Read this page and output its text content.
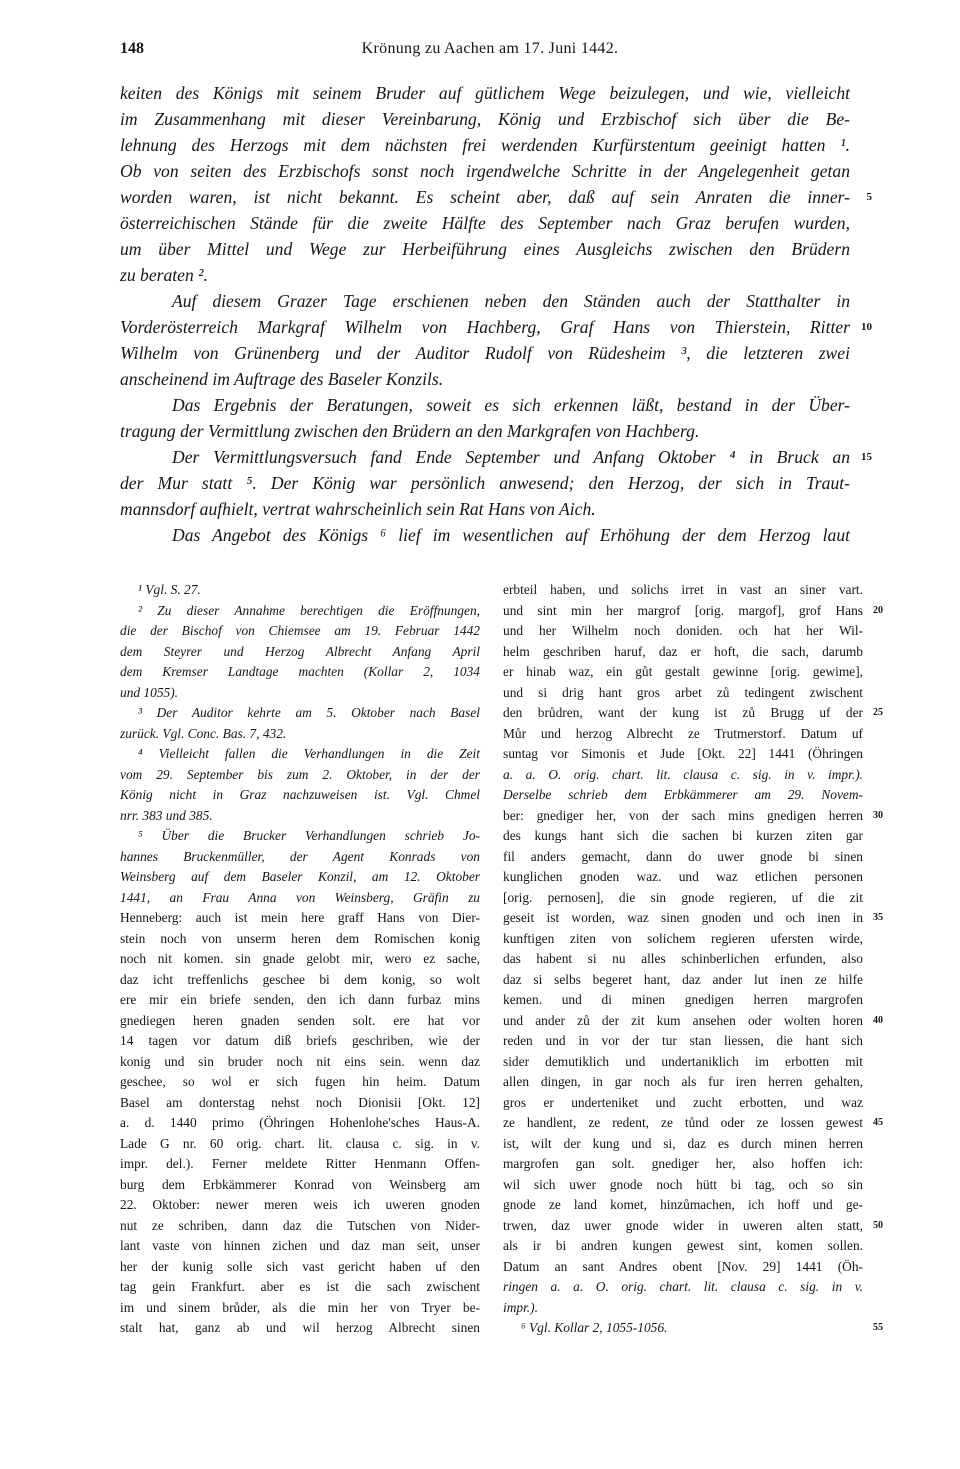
148	Krönung zu Aachen am 17. Juni 1442.
keiten des Königs mit seinem Bruder auf gütlichem Wege beizulegen, und wie, vielleicht
im Zusammenhang mit dieser Vereinbarung, König und Erzbischof sich über die Be-
lehnung des Herzogs mit dem nächsten frei werdenden Kurfürstentum geeinigt hatten ¹.
Ob von seiten des Erzbischofs sonst noch irgendwelche Schritte in der Angelegenheit getan
worden waren, ist nicht bekannt. Es scheint aber, daß auf sein Anraten die inner- 5
österreichischen Stände für die zweite Hälfte des September nach Graz berufen wurden,
um über Mittel und Wege zur Herbeiführung eines Ausgleichs zwischen den Brüdern
zu beraten ².
Auf diesem Grazer Tage erschienen neben den Ständen auch der Statthalter in
Vorderösterreich Markgraf Wilhelm von Hachberg, Graf Hans von Thierstein, Ritter 10
Wilhelm von Grünenberg und der Auditor Rudolf von Rüdesheim ³, die letzteren zwei
anscheinend im Auftrage des Baseler Konzils.
Das Ergebnis der Beratungen, soweit es sich erkennen läßt, bestand in der Über-
tragung der Vermittlung zwischen den Brüdern an den Markgrafen von Hachberg.
Der Vermittlungsversuch fand Ende September und Anfang Oktober ⁴ in Bruck an 15
der Mur statt ⁵. Der König war persönlich anwesend; den Herzog, der sich in Traut-
mannsdorf aufhielt, vertrat wahrscheinlich sein Rat Hans von Aich.
Das Angebot des Königs ⁶ lief im wesentlichen auf Erhöhung der dem Herzog laut
¹ Vgl. S. 27.
² Zu dieser Annahme berechtigen die Eröffnungen,
die der Bischof von Chiemsee am 19. Februar 1442
dem Steyrer und Herzog Albrecht Anfang April
dem Kremser Landtage machten (Kollar 2, 1034
und 1055).
³ Der Auditor kehrte am 5. Oktober nach Basel
zurück. Vgl. Conc. Bas. 7, 432.
⁴ Vielleicht fallen die Verhandlungen in die Zeit
vom 29. September bis zum 2. Oktober, in der der
König nicht in Graz nachzuweisen ist. Vgl. Chmel
nrr. 383 und 385.
⁵ Über die Brucker Verhandlungen schrieb Jo-
hannes Bruckenmüller, der Agent Konrads von
Weinsberg auf dem Baseler Konzil, am 12. Oktober
1441, an Frau Anna von Weinsberg, Gräfin zu
Henneberg: auch ist mein here graff Hans von Dier-
stein noch von unserm heren dem Romischen konig
noch nit komen. sin gnade gelobt mir, wero ez sache,
daz icht treffenlichs geschee bi dem konig, so wolt
ere mir ein briefe senden, den ich dann furbaz mins
gnediegen heren gnaden senden solt. ere hat vor
14 tagen vor datum diß briefs geschriben, wie der
konig und sin bruder noch nit eins sein. wenn daz
geschee, so wol er sich fugen hin heim. Datum
Basel am donterstag nehst noch Dionisii [Okt. 12]
a. d. 1440 primo (Öhringen Hohenlohe'sches Haus-A.
Lade G nr. 60 orig. chart. lit. clausa c. sig. in v.
impr. del.). Ferner meldete Ritter Henmann Offen-
burg dem Erbkämmerer Konrad von Weinsberg am
22. Oktober: newer meren weis ich uweren gnoden
nut ze schriben, dann daz die Tutschen von Nider-
lant vaste von hinnen zichen und daz man seit, unser
her der kunig solle sich vast gericht haben uf den
tag gein Frankfurt. aber es ist die sach zwischent
im und sinem brůder, als die min her von Tryer be-
stalt hat, ganz ab und wil herzog Albrecht sinen
erbteil haben, und solichs irret in vast an siner vart.
und sint min her margrof [orig. margof], grof Hans 20
und her Wilhelm noch doniden. och hat her Wil-
helm geschriben haruf, daz er hoft, die sach, darumb
er hinab waz, ein gůt gestalt gewinne [orig. gewime],
und si drig hant gros arbet zů tedingent zwischent
den brůdren, want der kung ist zů Brugg uf der 25
Můr und herzog Albrecht ze Trutmerstorf. Datum uf
suntag vor Simonis et Jude [Okt. 22] 1441 (Öhringen
a. a. O. orig. chart. lit. clausa c. sig. in v. impr.).
Derselbe schrieb dem Erbkämmerer am 29. Novem-
ber: gnediger her, von der sach mins gnedigen herren 30
des kungs hant sich die sachen bi kurzen ziten gar
fil anders gemacht, dann do uwer gnode bi sinen
kunglichen gnoden waz. und waz etlichen personen
[orig. pernosen], die sin gnode regieren, uf die zit
geseit ist worden, waz sinen gnoden und och inen in 35
kunftigen ziten von solichem regieren ufersten wirde,
das habent si nu alles schinberlichen erfunden, also
daz si selbs begeret hant, daz ander lut inen ze hilfe
kemen. und di minen gnedigen herren margrofen
und ander zů der zit kum ansehen oder wolten horen 40
reden und in vor der tur stan liessen, die hant sich
sider demutiklich und undertaniklich im erbotten mit
allen dingen, in gar noch als fur iren herren gehalten,
gros er underteniket und zucht erbotten, und waz
ze handlent, ze redent, ze tůnd oder ze lossen gewest 45
ist, wilt der kung und si, daz es durch minen herren
margrofen gan solt. gnediger her, also hoffen ich:
wil sich uwer gnode noch hütt bi tag, och so sin
gnode ze land komet, hinzůmachen, ich hoff und ge-
trwen, daz uwer gnode wider in uweren alten statt, 50
als ir bi andren kungen gewest sint, komen sollen.
Datum an sant Andres obent [Nov. 29] 1441 (Öh-
ringen a. a. O. orig. chart. lit. clausa c. sig. in v.
impr.).
⁶ Vgl. Kollar 2, 1055-1056.	55
